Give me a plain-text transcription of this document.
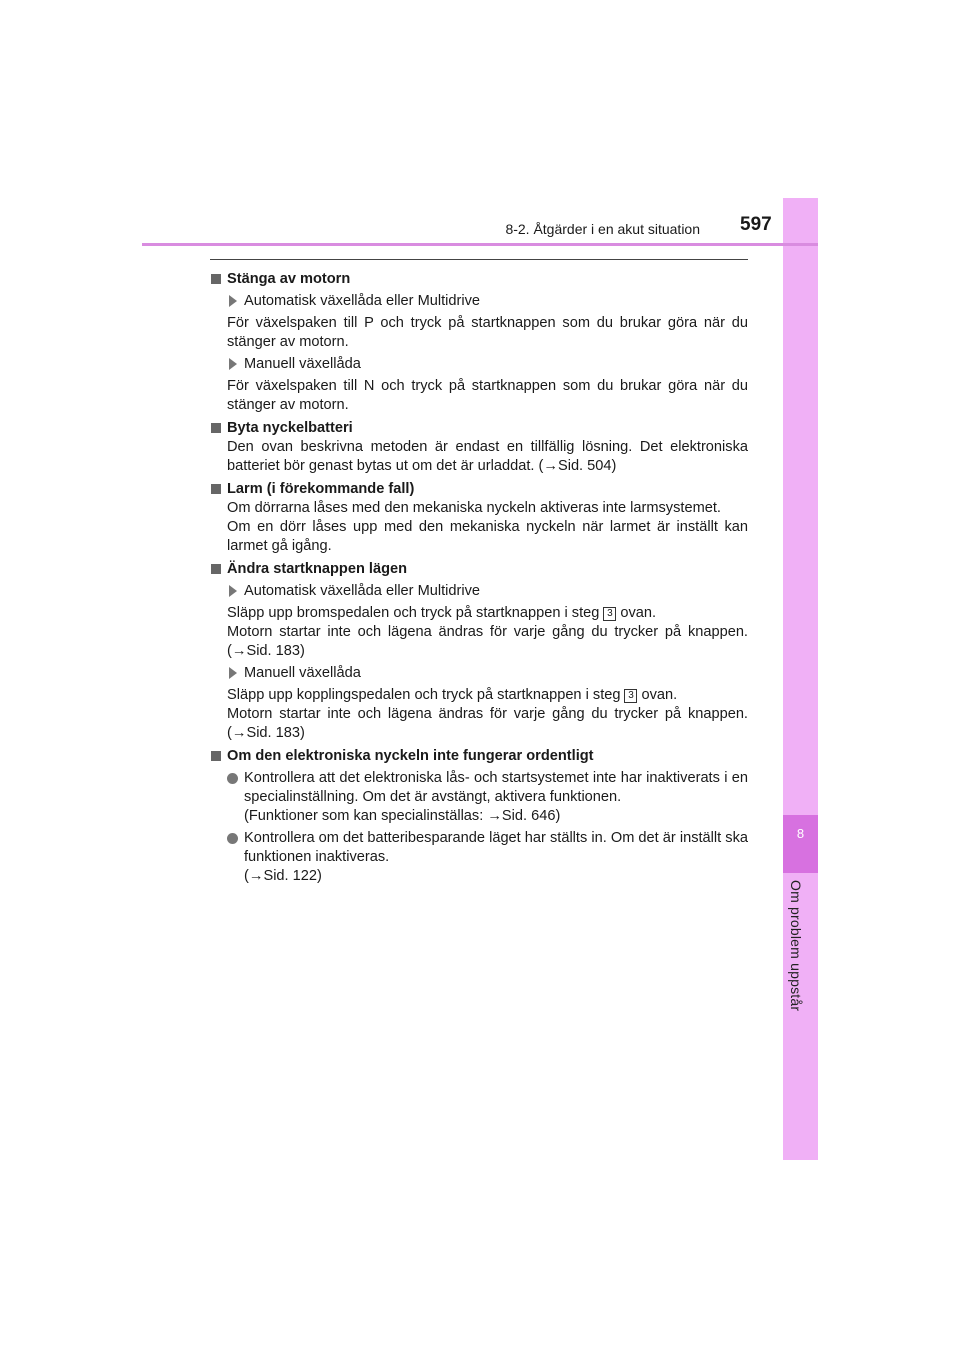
8
Om problem uppstår
8-2. Åtgärder i en akut situation 597
Stänga av motorn
Automatisk växellåda eller Multidrive
För växelspaken till P och tryck på startknappen som du brukar göra när du stänger av motorn.
Manuell växellåda
För växelspaken till N och tryck på startknappen som du brukar göra när du stänger av motorn.
Byta nyckelbatteri
Den ovan beskrivna metoden är endast en tillfällig lösning. Det elektroniska batteriet bör genast bytas ut om det är urladdat. (→Sid. 504)
Larm (i förekommande fall)
Om dörrarna låses med den mekaniska nyckeln aktiveras inte larmsystemet.
Om en dörr låses upp med den mekaniska nyckeln när larmet är inställt kan larmet gå igång.
Ändra startknappen lägen
Automatisk växellåda eller Multidrive
Släpp upp bromspedalen och tryck på startknappen i steg 3 ovan.
Motorn startar inte och lägena ändras för varje gång du trycker på knappen. (→Sid. 183)
Manuell växellåda
Släpp upp kopplingspedalen och tryck på startknappen i steg 3 ovan.
Motorn startar inte och lägena ändras för varje gång du trycker på knappen. (→Sid. 183)
Om den elektroniska nyckeln inte fungerar ordentligt
Kontrollera att det elektroniska lås- och startsystemet inte har inaktiverats i en specialinställning. Om det är avstängt, aktivera funktionen.
(Funktioner som kan specialinställas: →Sid. 646)
Kontrollera om det batteribesparande läget har ställts in. Om det är inställt ska funktionen inaktiveras.
(→Sid. 122)
